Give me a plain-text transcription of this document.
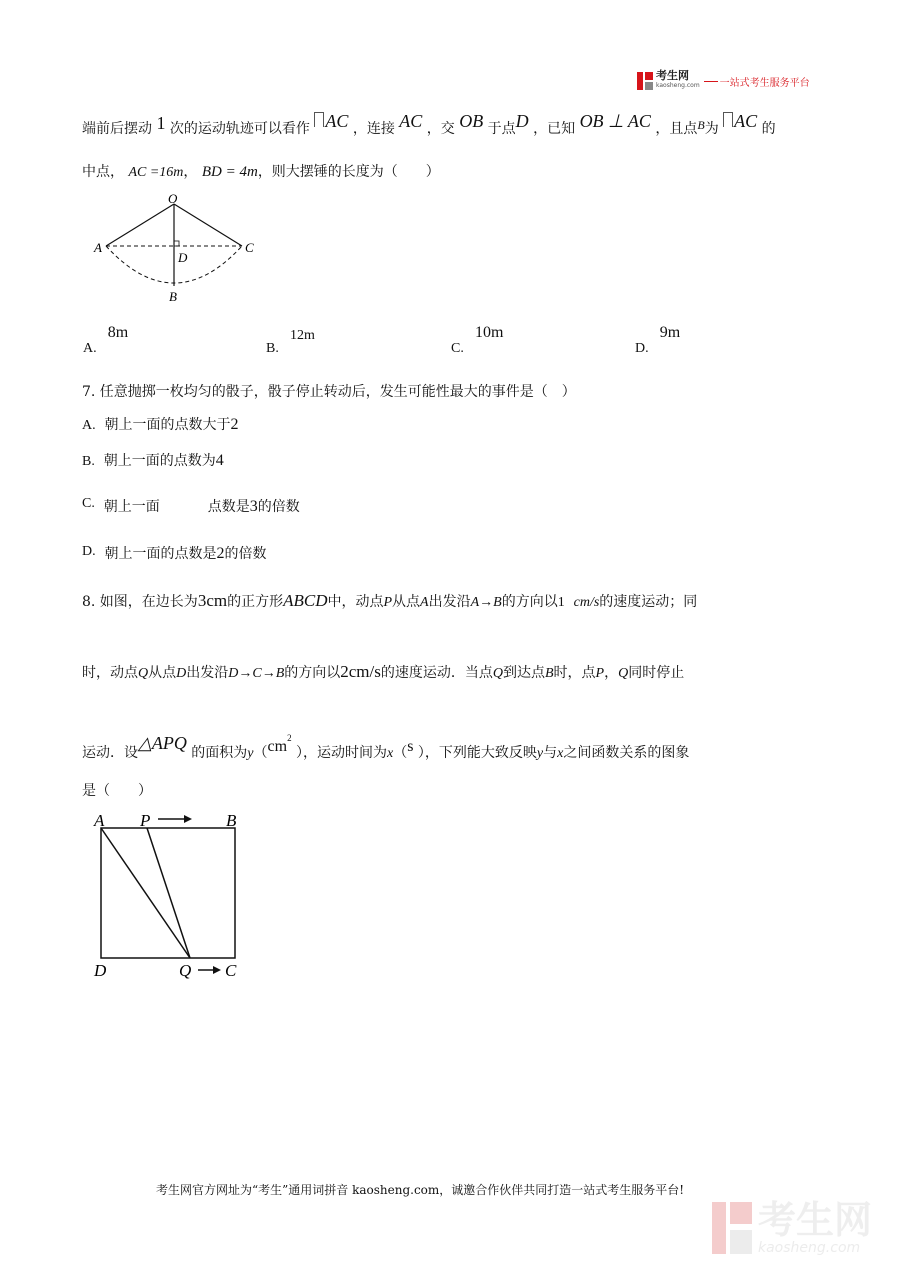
考生网
kaosheng.com 一站式考生服务平台
端前后摆动 1 次的运动轨迹可以看作 AC ，连接 AC ，交 OB 于点D ，已知 OB ⊥ AC ，且点B为 AC 的
中点， AC =16m， BD = 4m，则大摆锤的长度为（　　）
O
A	C
D
B
A. 8m
B. 12m
C. 10m
D. 9m
7. 任意抛掷一枚均匀的骰子，骰子停止转动后，发生可能性最大的事件是（　）
A. 朝上一面的点数大于2
B. 朝上一面的点数为4
C. 朝上一面	点数是3的倍数
D. 朝上一面的点数是2的倍数
8. 如图，在边长为3cm的正方形ABCD中，动点P从点A出发沿A→B的方向以1 cm/s的速度运动；同
时，动点Q从点D出发沿D→C→B的方向以2cm/s的速度运动．当点Q到达点B时，点P，Q同时停止
运动．设△APQ 的面积为$y(cm^2$ ），运动时间为x（s ），下列能大致反映y与x之间函数关系的图象
是（　　）
A P	B
D	Q C
考生网官方网址为“考生”通用词拼音 kaosheng.com，诚邀合作伙伴共同打造一站式考生服务平台!
考生网
kaosheng.com
